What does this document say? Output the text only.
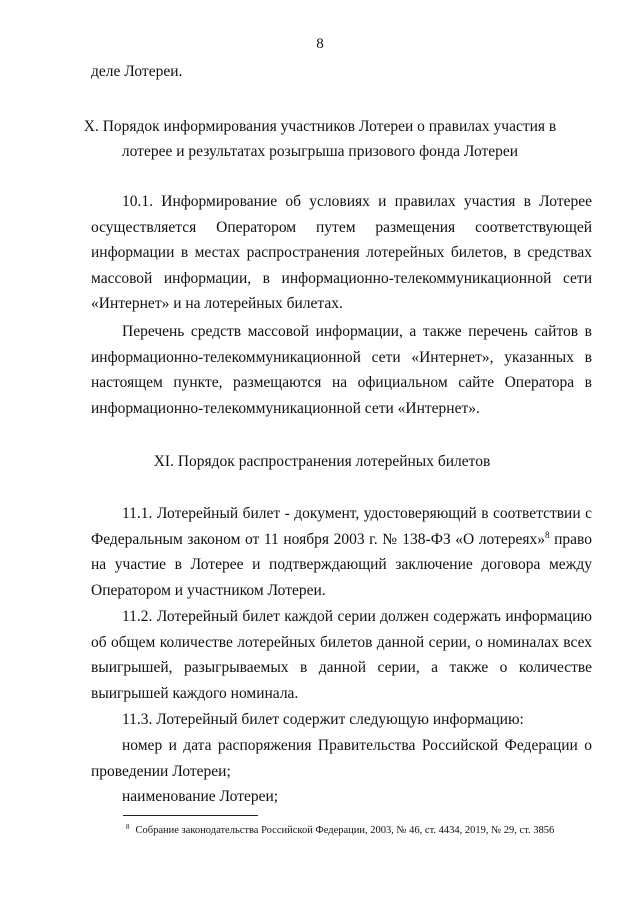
8
деле Лотереи.
X. Порядок информирования участников Лотереи о правилах участия в
лотерее и результатах розыгрыша призового фонда Лотереи

10.1. Информирование об условиях и правилах участия в Лотерее осуществляется Оператором путем размещения соответствующей информации в местах распространения лотерейных билетов, в средствах массовой информации, в информационно-телекоммуникационной сети «Интернет» и на лотерейных билетах.

Перечень средств массовой информации, а также перечень сайтов в информационно-телекоммуникационной сети «Интернет», указанных в настоящем пункте, размещаются на официальном сайте Оператора в информационно-телекоммуникационной сети «Интернет».

XI. Порядок распространения лотерейных билетов

11.1. Лотерейный билет - документ, удостоверяющий в соответствии с Федеральным законом от 11 ноября 2003 г. № 138-ФЗ «О лотереях»$^8$ право на участие в Лотерее и подтверждающий заключение договора между Оператором и участником Лотереи.

11.2. Лотерейный билет каждой серии должен содержать информацию об общем количестве лотерейных билетов данной серии, о номиналах всех выигрышей, разыгрываемых в данной серии, а также о количестве выигрышей каждого номинала.

11.3. Лотерейный билет содержит следующую информацию:

номер и дата распоряжения Правительства Российской Федерации о проведении Лотереи;

наименование Лотереи;

$^8$ Собрание законодательства Российской Федерации, 2003, № 46, ст. 4434, 2019, № 29, ст. 3856
